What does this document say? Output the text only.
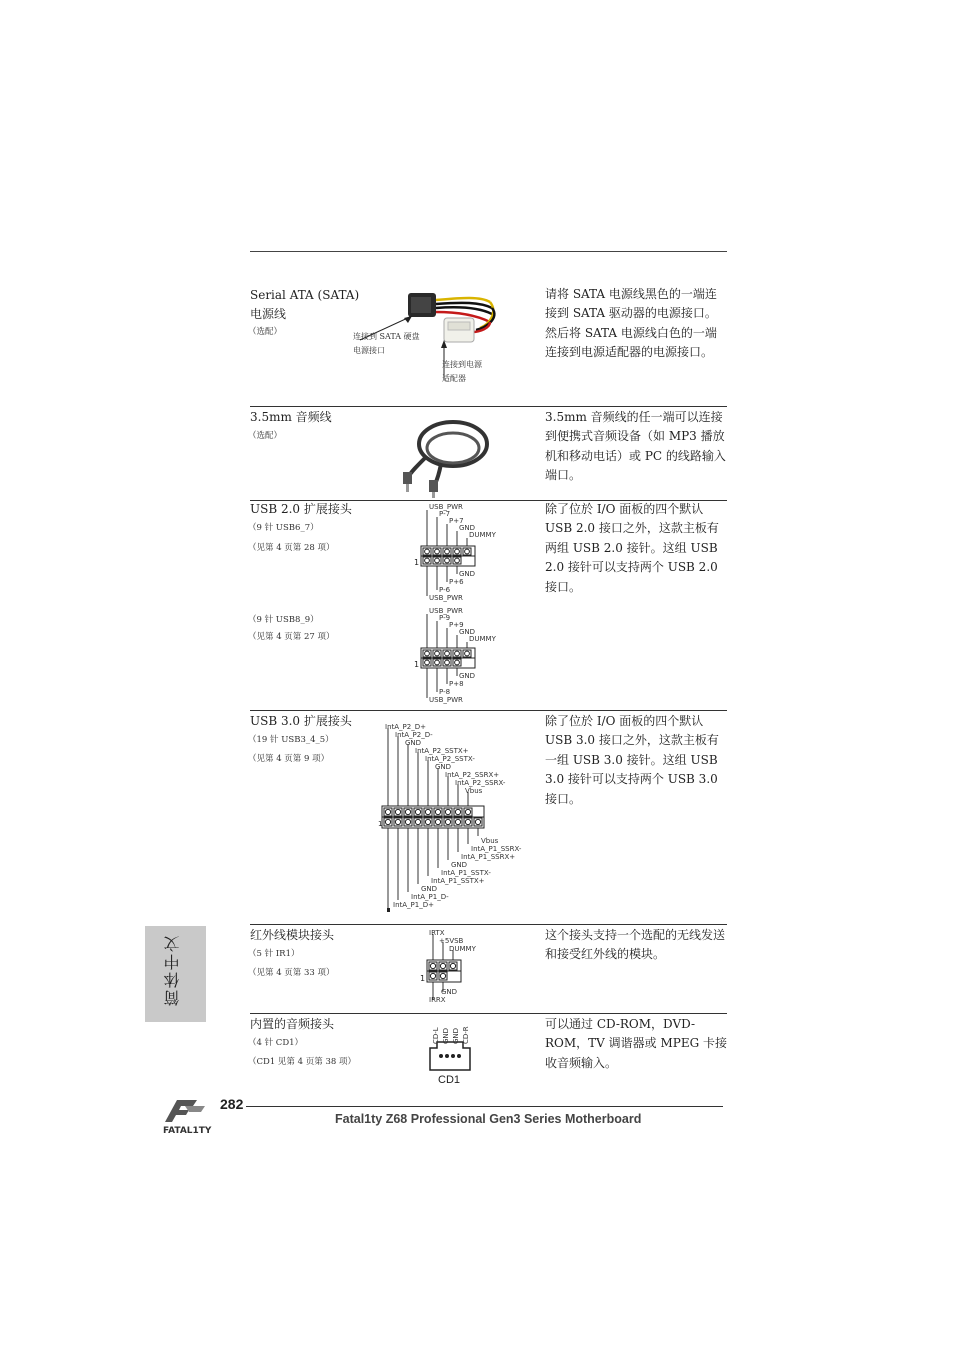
Serial ATA (SATA)
电源线
（选配）	连接到 SATA 硬盘
电源接口
连接到电源
适配器
请将 SATA 电源线黑色的一端连接到 SATA 驱动器的电源接口。然后将 SATA 电源线白色的一端连接到电源适配器的电源接口。
3.5mm 音频线
（选配）
3.5mm 音频线的任一端可以连接到便携式音频设备（如 MP3 播放机和移动电话）或 PC 的线路输入端口。
USB 2.0 扩展接头
（9 针 USB6_7）
（见第 4 页第 28 项）
（9 针 USB8_9）
（见第 4 页第 27 项）
1
USB_PWR
P-7
P+7
GND
DUMMY
GND
P+6
P-6
USB_PWR
1
USB_PWR
P-9
P+9
GND
DUMMY
GND
P+8
P-8
USB_PWR
除了位於 I/O 面板的四个默认 USB 2.0 接口之外，这款主板有两组 USB 2.0 接针。这组 USB 2.0 接针可以支持两个 USB 2.0 接口。
USB 3.0 扩展接头
（19 针 USB3_4_5）
（见第 4 页第 9 项）
1
IntA_P2_D+
IntA_P2_D-
GND
IntA_P2_SSTX+
IntA_P2_SSTX-
GND
IntA_P2_SSRX+
IntA_P2_SSRX-
Vbus
Vbus
IntA_P1_SSRX-
IntA_P1_SSRX+
GND
IntA_P1_SSTX-
IntA_P1_SSTX+
GND
IntA_P1_D-
IntA_P1_D+
除了位於 I/O 面板的四个默认 USB 3.0 接口之外，这款主板有一组 USB 3.0 接针。这组 USB 3.0 接针可以支持两个 USB 3.0 接口。
红外线模块接头
（5 针 IR1）
（见第 4 页第 33 项）
1
IRTX
+5VSB
DUMMY
GND
IRRX
这个接头支持一个选配的无线发送和接受红外线的模块。
内置的音频接头
（4 针 CD1）
（CD1 见第 4 页第 38 项）
CD-L GND GND CD-R
CD1
可以通过 CD-ROM，DVD-ROM，TV 调谐器或 MPEG 卡接收音频输入。
简体中文
FATAL1TY
282
Fatal1ty Z68 Professional Gen3 Series Motherboard
